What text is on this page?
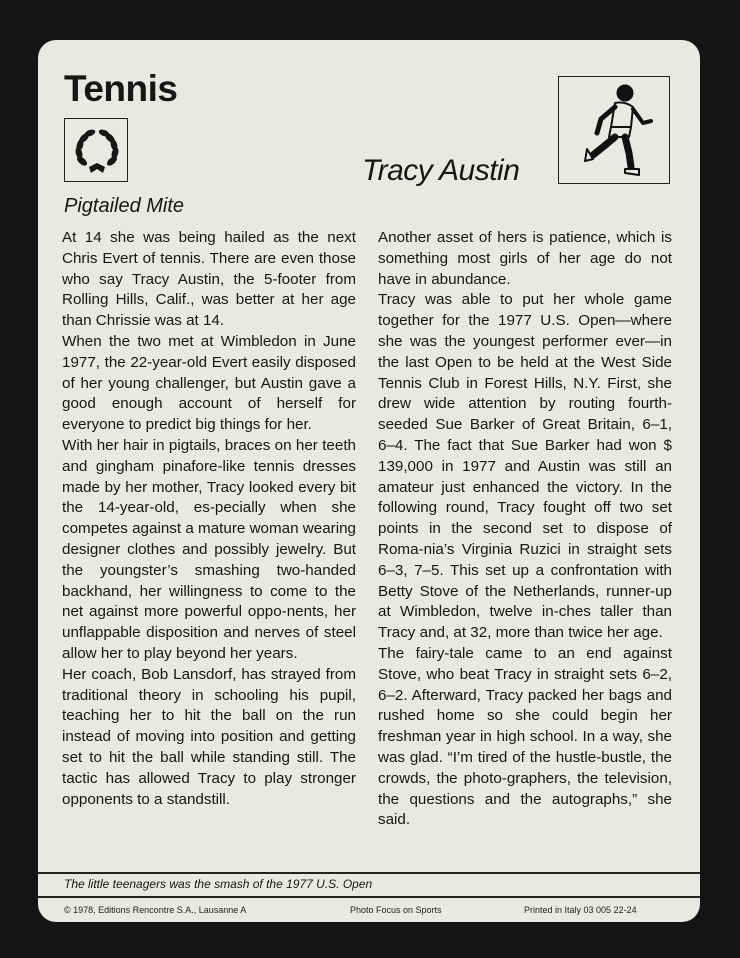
Tennis
Tracy Austin
Pigtailed Mite

At 14 she was being hailed as the next Chris Evert of tennis. There are even those who say Tracy Austin, the 5-footer from Rolling Hills, Calif., was better at her age than Chrissie was at 14.

When the two met at Wimbledon in June 1977, the 22-year-old Evert easily disposed of her young challenger, but Austin gave a good enough account of herself for everyone to predict big things for her.

With her hair in pigtails, braces on her teeth and gingham pinafore-like tennis dresses made by her mother, Tracy looked every bit the 14-year-old, es-pecially when she competes against a mature woman wearing designer clothes and possibly jewelry. But the youngster’s smashing two-handed backhand, her willingness to come to the net against more powerful oppo-nents, her unflappable disposition and nerves of steel allow her to play beyond her years.

Her coach, Bob Lansdorf, has strayed from traditional theory in schooling his pupil, teaching her to hit the ball on the run instead of moving into position and getting set to hit the ball while standing still. The tactic has allowed Tracy to play stronger opponents to a standstill.

Another asset of hers is patience, which is something most girls of her age do not have in abundance.

Tracy was able to put her whole game together for the 1977 U.S. Open—where she was the youngest performer ever—in the last Open to be held at the West Side Tennis Club in Forest Hills, N.Y. First, she drew wide attention by routing fourth-seeded Sue Barker of Great Britain, 6–1, 6–4. The fact that Sue Barker had won $ 139,000 in 1977 and Austin was still an amateur just enhanced the victory. In the following round, Tracy fought off two set points in the second set to dispose of Roma-nia’s Virginia Ruzici in straight sets 6–3, 7–5. This set up a confrontation with Betty Stove of the Netherlands, runner-up at Wimbledon, twelve in-ches taller than Tracy and, at 32, more than twice her age.

The fairy-tale came to an end against Stove, who beat Tracy in straight sets 6–2, 6–2. Afterward, Tracy packed her bags and rushed home so she could begin her freshman year in high school. In a way, she was glad. “I’m tired of the hustle-bustle, the crowds, the photo-graphers, the television, the questions and the autographs,” she said.

The little teenagers was the smash of the 1977 U.S. Open
© 1978, Editions Rencontre S.A., Lausanne A	Photo Focus on Sports	Printed in Italy 03 005 22-24
